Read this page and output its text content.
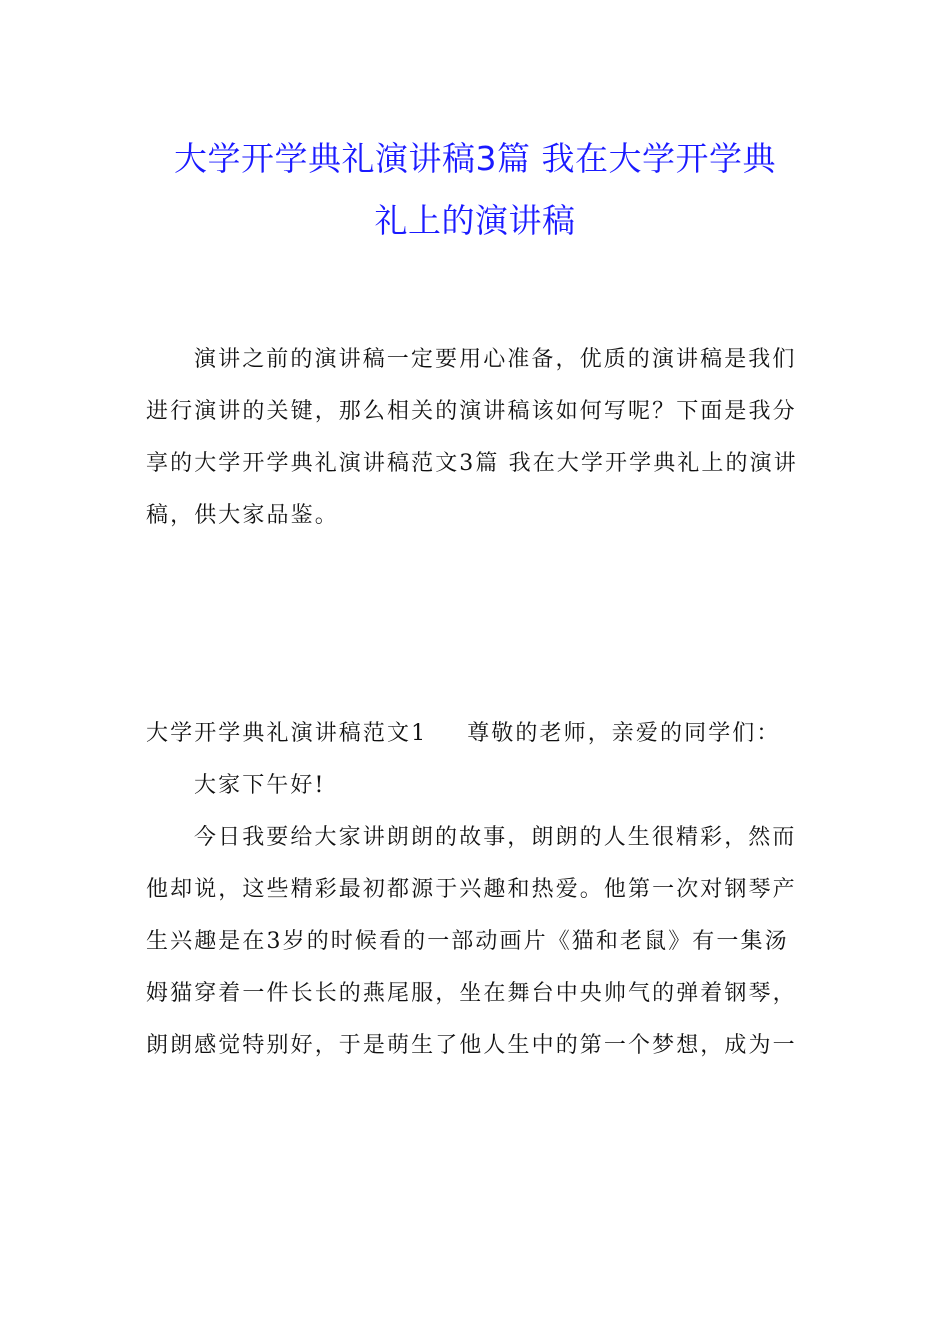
大学开学典礼演讲稿3篇 我在大学开学典
礼上的演讲稿
演讲之前的演讲稿一定要用心准备，优质的演讲稿是我们
进行演讲的关键，那么相关的演讲稿该如何写呢？下面是我分
享的大学开学典礼演讲稿范文3篇 我在大学开学典礼上的演讲
稿，供大家品鉴。
大学开学典礼演讲稿范文1 尊敬的老师，亲爱的同学们：
大家下午好!
今日我要给大家讲朗朗的故事，朗朗的人生很精彩，然而
他却说，这些精彩最初都源于兴趣和热爱。他第一次对钢琴产
生兴趣是在3岁的时候看的一部动画片《猫和老鼠》有一集汤
姆猫穿着一件长长的燕尾服，坐在舞台中央帅气的弹着钢琴，
朗朗感觉特别好，于是萌生了他人生中的第一个梦想，成为一
